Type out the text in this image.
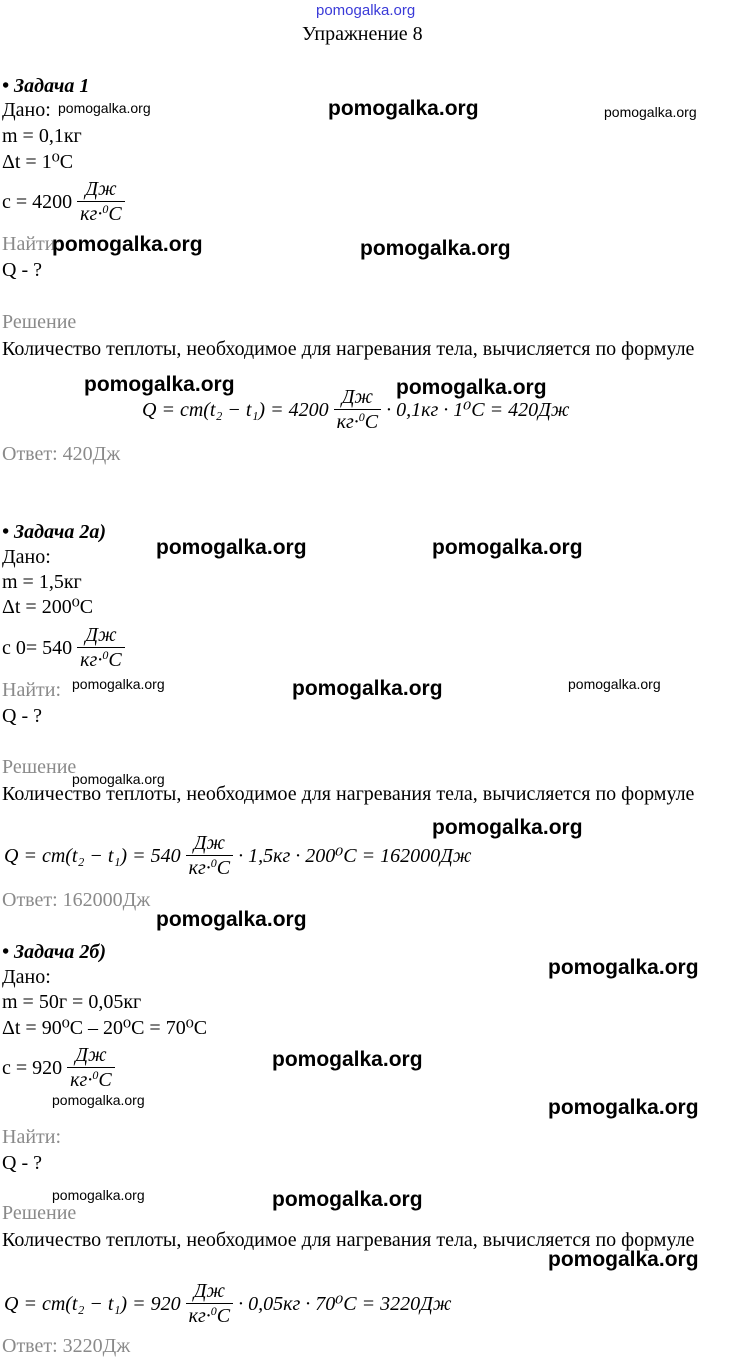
pomogalka.org
Упражнение 8
• Задача 1
Дано:
m = 0,1кг
Δt = 1⁰C
$c = 4200 \frac{Дж}{кг\cdot^0C}$
Найти:
Q - ?
Решение
Количество теплоты, необходимое для нагревания тела, вычисляется по формуле
$Q = cm(t_2 - t_1) = 4200 \frac{Дж}{кг\cdot^0C} \cdot 0,1кг \cdot 1^0C = 420Дж$
Ответ: 420Дж
• Задача 2а)
Дано:
m = 1,5кг
Δt = 200⁰C
c $0= 540 \frac{Дж}{кг\cdot^0C}$
Найти:
Q - ?
Решение
Количество теплоты, необходимое для нагревания тела, вычисляется по формуле
$Q = cm(t_2 - t_1) = 540 \frac{Дж}{кг\cdot^0C} \cdot 1,5кг \cdot 200^0C = 162000Дж$
Ответ: 162000Дж
• Задача 2б)
Дано:
m = 50г = 0,05кг
Δt = 90⁰C – 20⁰C = 70⁰C
$c = 920 \frac{Дж}{кг\cdot^0C}$
Найти:
Q - ?
Решение
Количество теплоты, необходимое для нагревания тела, вычисляется по формуле
$Q = cm(t_2 - t_1) = 920 \frac{Дж}{кг\cdot^0C} \cdot 0,05кг \cdot 70^0C = 3220Дж$
Ответ: 3220Дж
pomogalka.org	pomogalka.org	pomogalka.org
pomogalka.org	pomogalka.org
pomogalka.org	pomogalka.org
pomogalka.org	pomogalka.org
pomogalka.org	pomogalka.org	pomogalka.org
pomogalka.org
pomogalka.org
pomogalka.org
pomogalka.org
pomogalka.org
pomogalka.org	pomogalka.org
pomogalka.org	pomogalka.org
pomogalka.org
